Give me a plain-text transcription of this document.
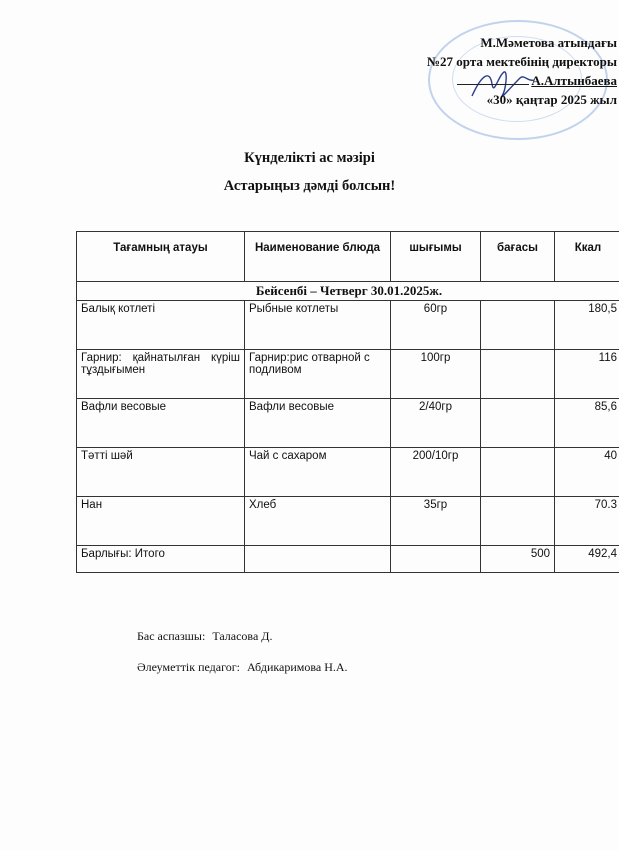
М.Мәметова атындағы
№27 орта мектебінің директоры
А.Алтынбаева
«30» қаңтар 2025 жыл
Күнделікті ас мәзірі
Астарыңыз дәмді болсын!
Тағамның атауы	Наименование блюда	шығымы	бағасы	Ккал
Бейсенбі – Четверг 30.01.2025ж.				
Балық котлеті	Рыбные котлеты	60гр		180,5

Гарнир: қайнатылған күріш тұздығымен	Гарнир:рис отварной с подливом	100гр		116
Вафли весовые	Вафли весовые	2/40гр		85,6
Тәтті шәй	Чай с сахаром	200/10гр		40
Нан	Хлеб	35гр		70.3
Барлығы: Итого			500	492,4
Бас аспазшы: Таласова Д.
Әлеуметтік педагог: Абдикаримова Н.А.
